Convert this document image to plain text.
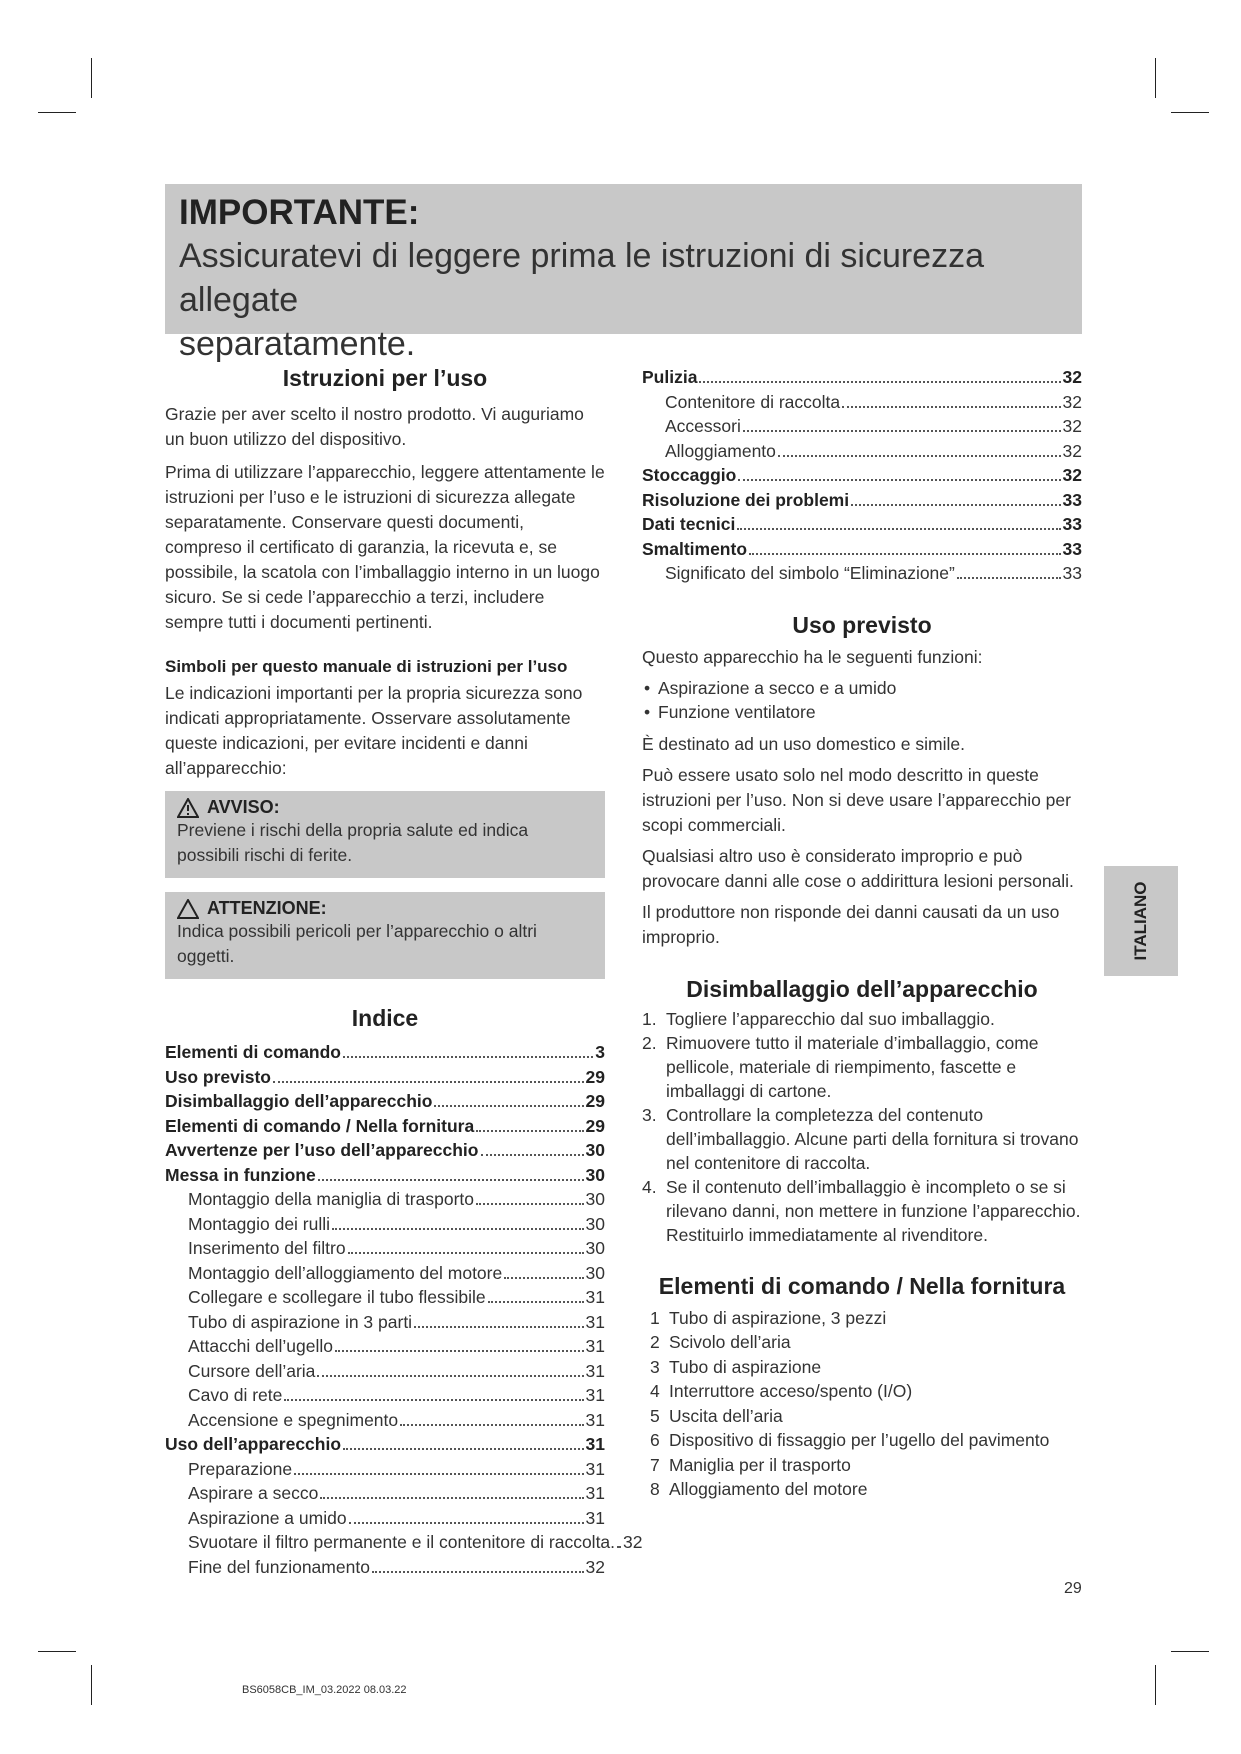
IMPORTANTE:
Assicuratevi di leggere prima le istruzioni di sicurezza allegate
separatamente.
Istruzioni per l’uso

Grazie per aver scelto il nostro prodotto. Vi auguriamo un buon utilizzo del dispositivo.

Prima di utilizzare l’apparecchio, leggere attentamente le istruzioni per l’uso e le istruzioni di sicurezza allegate separatamente. Conservare questi documenti, compreso il certificato di garanzia, la ricevuta e, se possibile, la scatola con l’imballaggio interno in un luogo sicuro. Se si cede l’apparecchio a terzi, includere sempre tutti i documenti pertinenti.

Simboli per questo manuale di istruzioni per l’uso

Le indicazioni importanti per la propria sicurezza sono indicati appropriatamente. Osservare assolutamente queste indicazioni, per evitare incidenti e danni all’apparecchio:

AVVISO:
Previene i rischi della propria salute ed indica possibili rischi di ferite.
ATTENZIONE:
Indica possibili pericoli per l’apparecchio o altri oggetti.
Indice
Elementi di comando	3
Uso previsto	29
Disimballaggio dell’apparecchio	29
Elementi di comando / Nella fornitura	29
Avvertenze per l’uso dell’apparecchio	30
Messa in funzione	30
Montaggio della maniglia di trasporto	30
Montaggio dei rulli	30
Inserimento del filtro	30
Montaggio dell’alloggiamento del motore	30
Collegare e scollegare il tubo flessibile	31
Tubo di aspirazione in 3 parti	31
Attacchi dell’ugello	31
Cursore dell’aria	31
Cavo di rete	31
Accensione e spegnimento	31
Uso dell’apparecchio	31
Preparazione	31
Aspirare a secco	31
Aspirazione a umido	31
Svuotare il filtro permanente e il contenitore di raccolta. 32
Fine del funzionamento	32
Pulizia	32
Contenitore di raccolta	32
Accessori	32
Alloggiamento	32
Stoccaggio	32
Risoluzione dei problemi	33
Dati tecnici	33
Smaltimento	33
Significato del simbolo “Eliminazione”	33
Uso previsto

Questo apparecchio ha le seguenti funzioni:

• Aspirazione a secco e a umido
• Funzione ventilatore

È destinato ad un uso domestico e simile.

Può essere usato solo nel modo descritto in queste istruzioni per l’uso. Non si deve usare l’apparecchio per scopi commerciali.

Qualsiasi altro uso è considerato improprio e può provocare danni alle cose o addirittura lesioni personali.

Il produttore non risponde dei danni causati da un uso improprio.

Disimballaggio dell’apparecchio
1. Togliere l’apparecchio dal suo imballaggio.
2. Rimuovere tutto il materiale d’imballaggio, come pellicole, materiale di riempimento, fascette e imballaggi di cartone.
3. Controllare la completezza del contenuto dell’imballaggio. Alcune parti della fornitura si trovano nel contenitore di raccolta.
4. Se il contenuto dell’imballaggio è incompleto o se si rilevano danni, non mettere in funzione l’apparecchio. Restituirlo immediatamente al rivenditore.
Elementi di comando / Nella fornitura
1 Tubo di aspirazione, 3 pezzi
2 Scivolo dell’aria
3 Tubo di aspirazione
4 Interruttore acceso/spento (I/O)
5 Uscita dell’aria
6 Dispositivo di fissaggio per l’ugello del pavimento
7 Maniglia per il trasporto
8 Alloggiamento del motore
ITALIANO
29
BS6058CB_IM_03.2022 08.03.22
